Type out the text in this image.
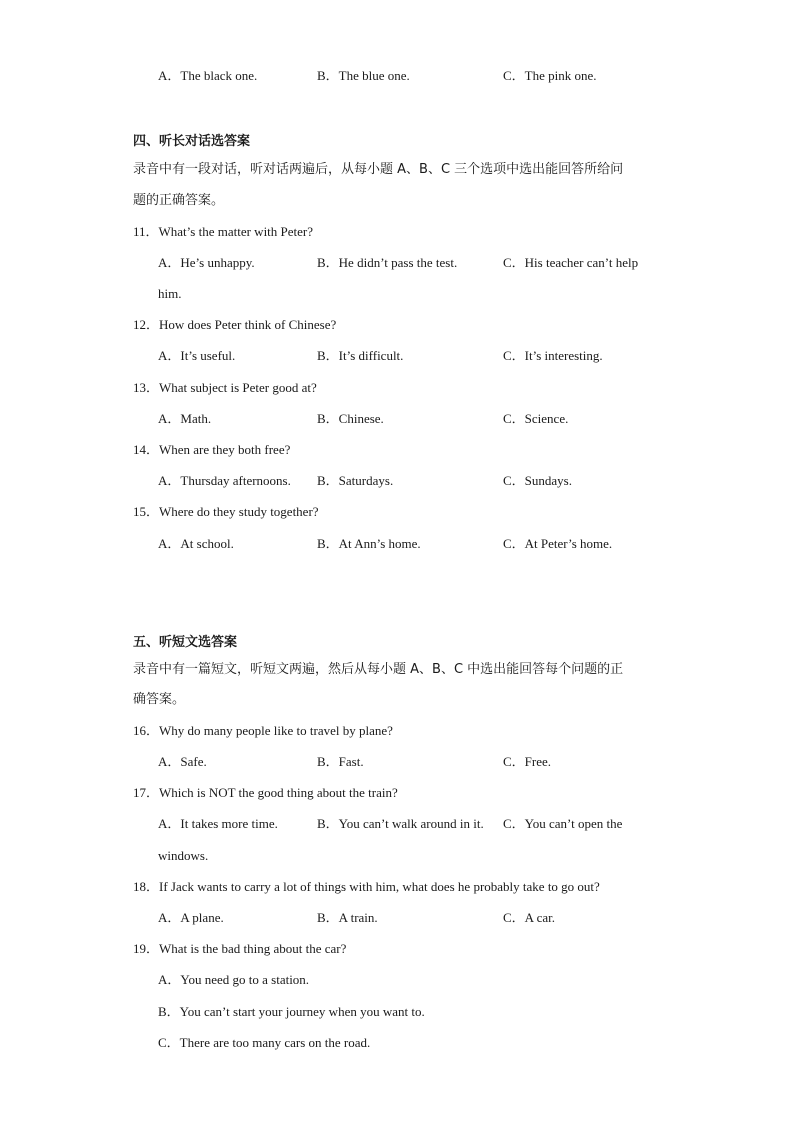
A．The black one.	B．The blue one.	C．The pink one.
四、听长对话选答案
录音中有一段对话，听对话两遍后，从每小题 A、B、C 三个选项中选出能回答所给问
题的正确答案。
11．What’s the matter with Peter?
A．He’s unhappy.	B．He didn’t pass the test.	C．His teacher can’t help
him.
12．How does Peter think of Chinese?
A．It’s useful.	B．It’s difficult.	C．It’s interesting.
13．What subject is Peter good at?
A．Math.	B．Chinese.	C．Science.
14．When are they both free?
A．Thursday afternoons. B．Saturdays.	C．Sundays.
15．Where do they study together?
A．At school.	B．At Ann’s home.	C．At Peter’s home.
五、听短文选答案
录音中有一篇短文，听短文两遍，然后从每小题 A、B、C 中选出能回答每个问题的正
确答案。
16．Why do many people like to travel by plane?
A．Safe.	B．Fast.	C．Free.
17．Which is NOT the good thing about the train?
A．It takes more time.	B．You can’t walk around in it. C．You can’t open the
windows.
18．If Jack wants to carry a lot of things with him, what does he probably take to go out?
A．A plane.	B．A train.	C．A car.
19．What is the bad thing about the car?
A．You need go to a station.
B．You can’t start your journey when you want to.
C．There are too many cars on the road.
